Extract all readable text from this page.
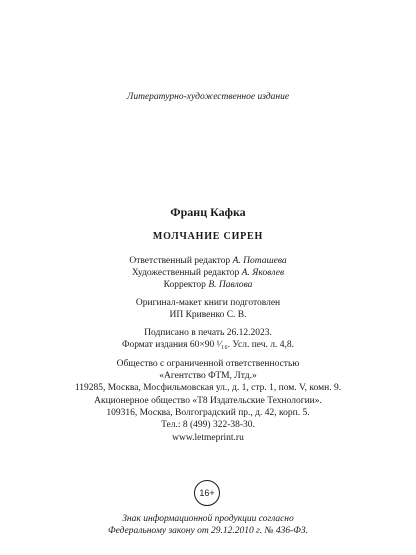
Литературно-художественное издание
Франц Кафка
МОЛЧАНИЕ СИРЕН
Ответственный редактор А. Поташева
Художественный редактор А. Яковлев
Корректор В. Павлова
Оригинал-макет книги подготовлен
ИП Кривенко С. В.
Подписано в печать 26.12.2023.
Формат издания 60×90 ¹⁄₁₆. Усл. печ. л. 4,8.
Общество с ограниченной ответственностью
«Агентство ФТМ, Лтд.»
119285, Москва, Мосфильмовская ул., д. 1, стр. 1, пом. V, комн. 9.
Акционерное общество «Т8 Издательские Технологии».
109316, Москва, Волгоградский пр., д. 42, корп. 5.
Тел.: 8 (499) 322-38-30.
www.letmeprint.ru
16+
Знак информационной продукции согласно
Федеральному закону от 29.12.2010 г. № 436-ФЗ.
